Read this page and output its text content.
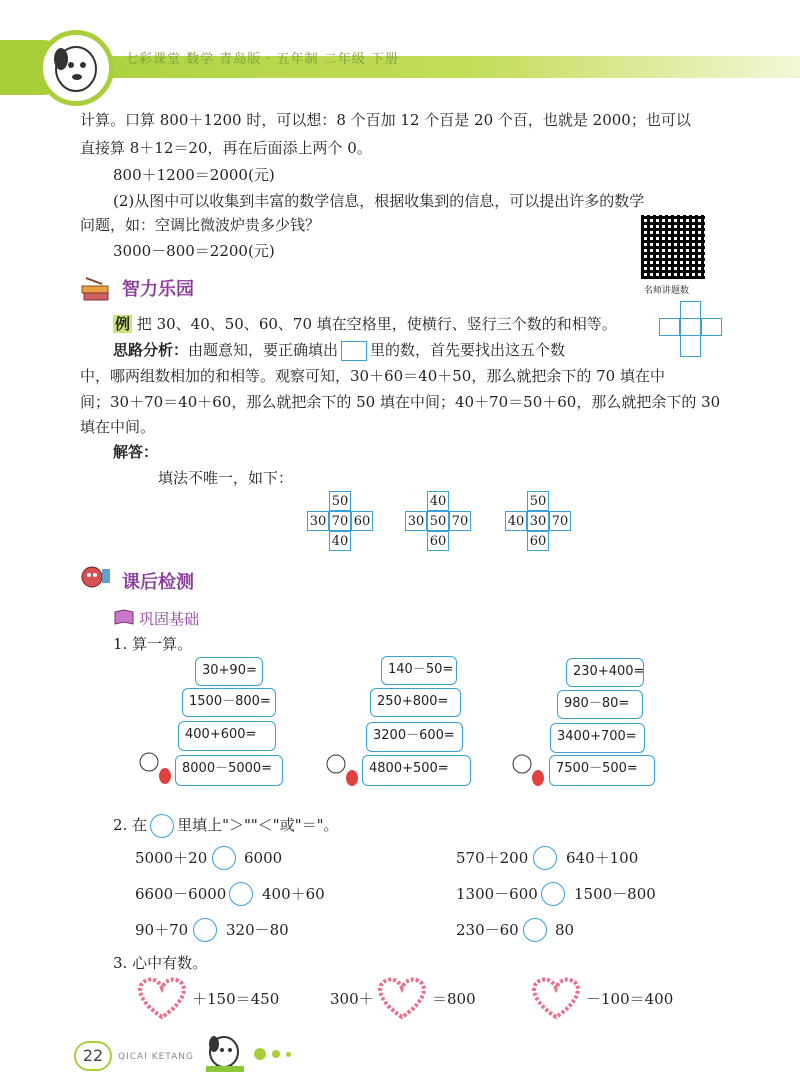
七彩课堂 数学 青岛版 · 五年制 二年级 下册
计算。口算 800＋1200 时，可以想：8 个百加 12 个百是 20 个百，也就是 2000；也可以
直接算 8＋12＝20，再在后面添上两个 0。
800＋1200＝2000(元)
(2)从图中可以收集到丰富的数学信息，根据收集到的信息，可以提出许多的数学
问题，如：空调比微波炉贵多少钱？
3000－800＝2200(元)
名师讲题数
智力乐园
例 把 30、40、50、60、70 填在空格里，使横行、竖行三个数的和相等。
思路分析：由题意知，要正确填出 里的数，首先要找出这五个数
中，哪两组数相加的和相等。观察可知，30＋60＝40＋50，那么就把余下的 70 填在中
间；30＋70＝40＋60，那么就把余下的 50 填在中间；40＋70＝50＋60，那么就把余下的 30
填在中间。
解答：
填法不唯一，如下：
50
30 70 60
40
40
30 50 70
60
50
40 30 70
60
课后检测
巩固基础
1. 算一算。
30+90=
1500－800=
400+600=
8000－5000=
140－50=
250+800=
3200－600=
4800+500=
230+400=
980－80=
3400+700=
7500－500=
2. 在 里填上"＞""＜"或"＝"。
5000＋20 6000	570＋200	640＋100
6600－6000 400＋60	1300－600 1500－800
90＋70	320－80	230－60 80
3. 心中有数。
＋150＝450	300＋	＝800	－100＝400
22	QICAI KETANG
